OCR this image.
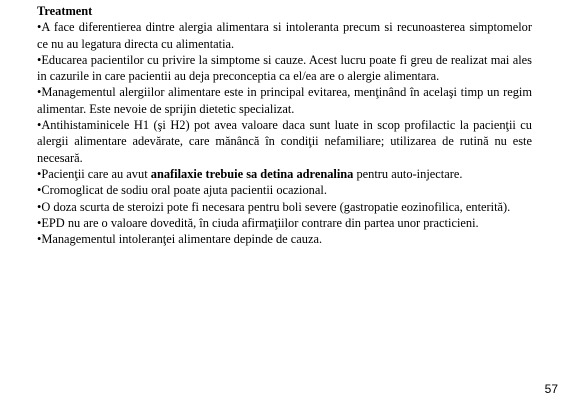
Treatment
•A face diferentierea dintre alergia alimentara si intoleranta precum si recunoasterea simptomelor ce nu au legatura directa cu alimentatia.
•Educarea pacientilor cu privire la simptome si cauze. Acest lucru poate fi greu de realizat mai ales in cazurile in care pacientii au deja preconceptia ca el/ea are o alergie alimentara.
•Managementul alergiilor alimentare este in principal evitarea, menţinând în acelaşi timp un regim alimentar. Este nevoie de sprijin dietetic specializat.
•Antihistaminicele H1 (şi H2) pot avea valoare daca sunt luate in scop profilactic la pacienţii cu alergii alimentare adevărate, care mănâncă în condiţii nefamiliare; utilizarea de rutină nu este necesară.
•Pacienţii care au avut anafilaxie trebuie sa detina adrenalina pentru auto-injectare.
•Cromoglicat de sodiu oral poate ajuta pacientii ocazional.
•O doza scurta de steroizi pote fi necesara pentru boli severe (gastropatie eozinofilica, enterită).
•EPD nu are o valoare dovedită, în ciuda afirmaţiilor contrare din partea unor practicieni.
•Managementul intoleranţei alimentare depinde de cauza.
57
